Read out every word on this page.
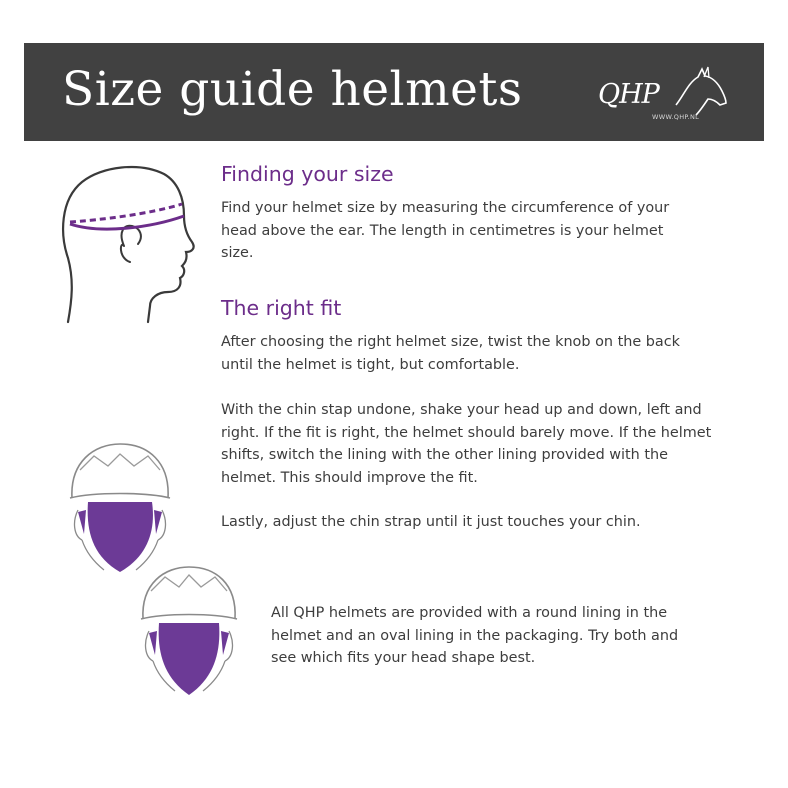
Size guide helmets	QHP
WWW.QHP.NL
Finding your size

Find your helmet size by measuring the circumference of your head above the ear. The length in centimetres is your helmet size.

The right fit

After choosing the right helmet size, twist the knob on the back until the helmet is tight, but comfortable.

With the chin stap undone, shake your head up and down, left and right. If the fit is right, the helmet should barely move. If the helmet shifts, switch the lining with the other lining provided with the helmet. This should improve the fit.

Lastly, adjust the chin strap until it just touches your chin.

All QHP helmets are provided with a round lining in the helmet and an oval lining in the packaging. Try both and see which fits your head shape best.
